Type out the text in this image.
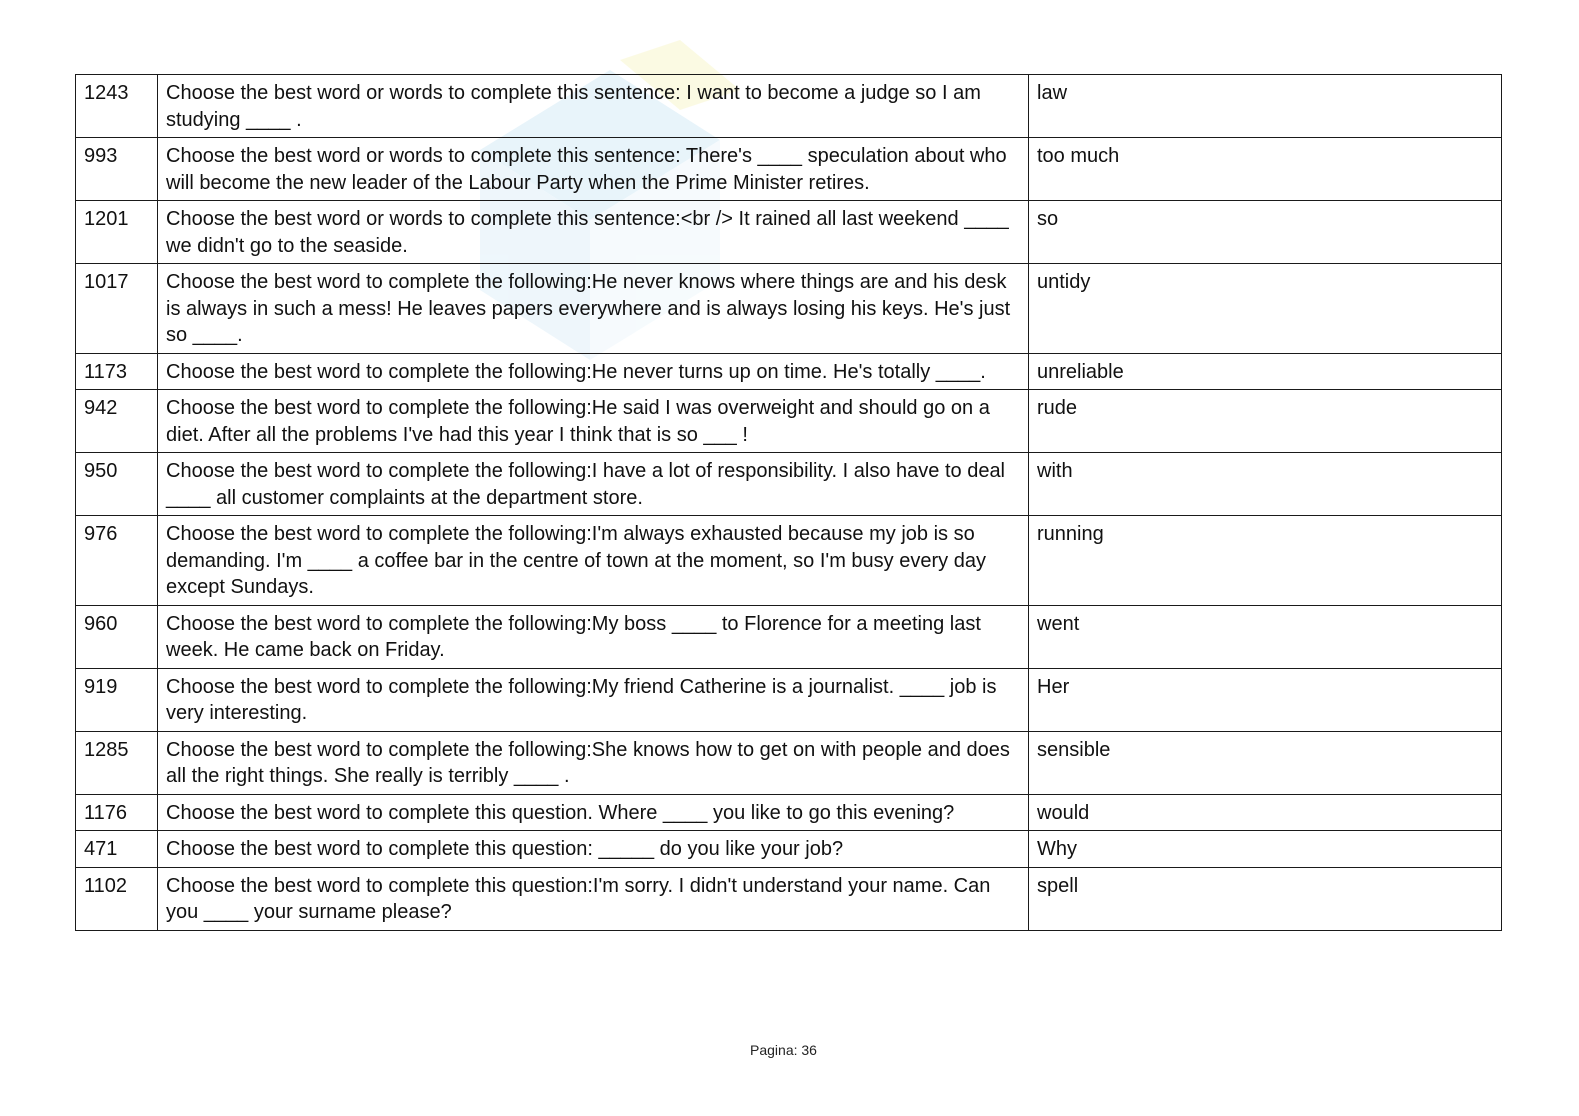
1243	Choose the best word or words to complete this sentence: I want to become a judge so I am studying ____ .	law
993	Choose the best word or words to complete this sentence: There's ____ speculation about who will become the new leader of the Labour Party when the Prime Minister retires.	too much
1201	Choose the best word or words to complete this sentence:<br /> It rained all last weekend ____ we didn't go to the seaside.	so
1017	Choose the best word to complete the following:He never knows where things are and his desk is always in such a mess! He leaves papers everywhere and is always losing his keys. He's just so ____.	untidy
1173	Choose the best word to complete the following:He never turns up on time. He's totally ____.	unreliable
942	Choose the best word to complete the following:He said I was overweight and should go on a diet. After all the problems I've had this year I think that is so ___ !	rude
950	Choose the best word to complete the following:I have a lot of responsibility. I also have to deal ____ all customer complaints at the department store.	with
976	Choose the best word to complete the following:I'm always exhausted because my job is so demanding. I'm ____ a coffee bar in the centre of town at the moment, so I'm busy every day except Sundays.	running
960	Choose the best word to complete the following:My boss ____ to Florence for a meeting last week. He came back on Friday.	went
919	Choose the best word to complete the following:My friend Catherine is a journalist. ____ job is very interesting.	Her
1285	Choose the best word to complete the following:She knows how to get on with people and does all the right things. She really is terribly ____ .	sensible
1176	Choose the best word to complete this question. Where ____ you like to go this evening?	would
471	Choose the best word to complete this question: _____ do you like your job?	Why
1102	Choose the best word to complete this question:I'm sorry. I didn't understand your name. Can you ____ your surname please?	spell
Pagina: 36
